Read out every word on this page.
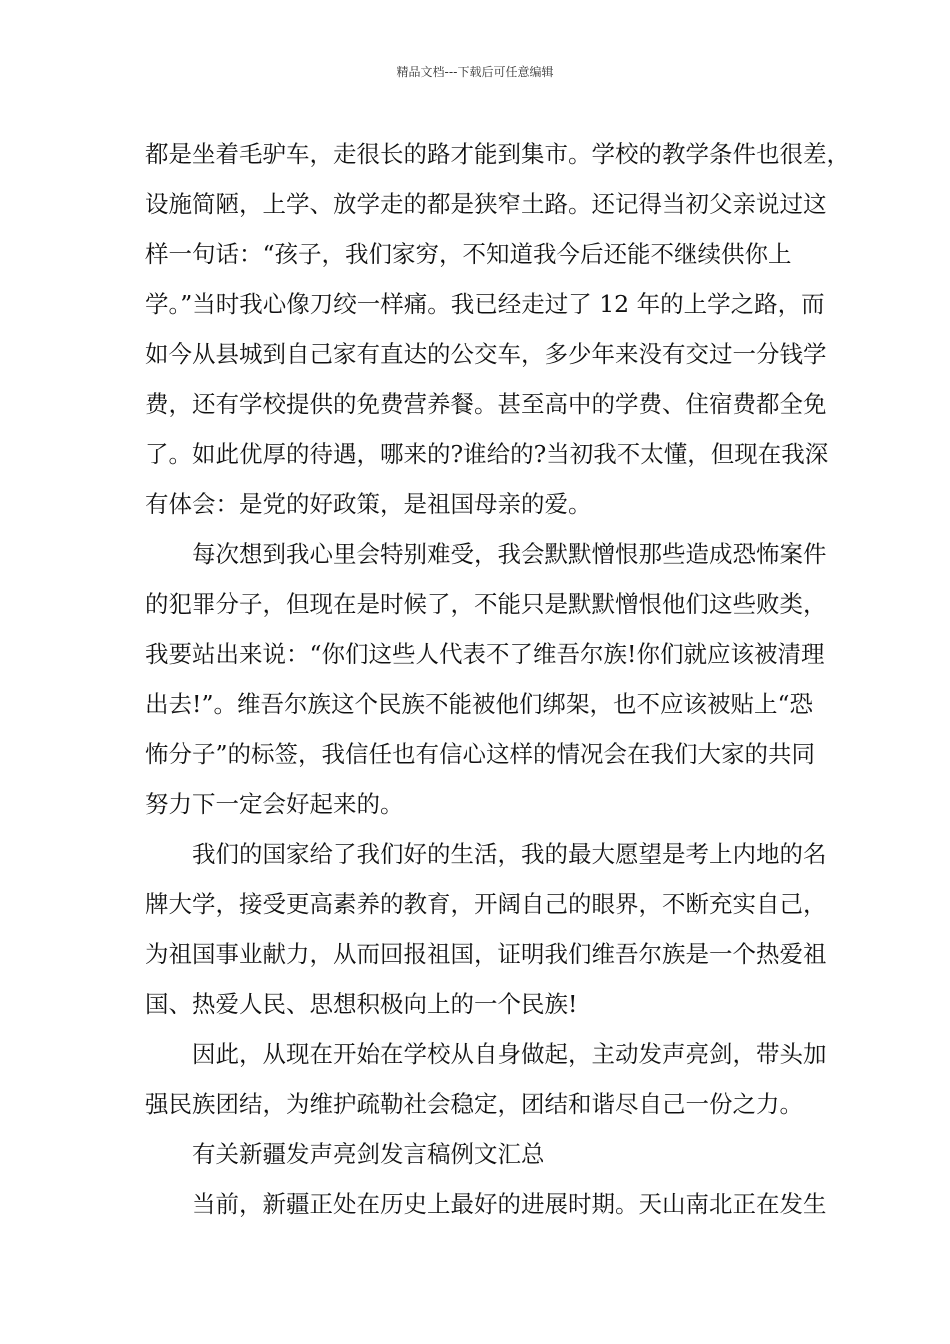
精品文档---下载后可任意编辑
都是坐着毛驴车，走很长的路才能到集市。学校的教学条件也很差，
设施简陋，上学、放学走的都是狭窄土路。还记得当初父亲说过这
样一句话：“孩子，我们家穷，不知道我今后还能不继续供你上
学。”当时我心像刀绞一样痛。我已经走过了 12 年的上学之路，而
如今从县城到自己家有直达的公交车，多少年来没有交过一分钱学
费，还有学校提供的免费营养餐。甚至高中的学费、住宿费都全免
了。如此优厚的待遇，哪来的?谁给的?当初我不太懂，但现在我深
有体会：是党的好政策，是祖国母亲的爱。
每次想到我心里会特别难受，我会默默憎恨那些造成恐怖案件
的犯罪分子，但现在是时候了，不能只是默默憎恨他们这些败类，
我要站出来说：“你们这些人代表不了维吾尔族!你们就应该被清理
出去!”。维吾尔族这个民族不能被他们绑架，也不应该被贴上“恐
怖分子”的标签，我信任也有信心这样的情况会在我们大家的共同
努力下一定会好起来的。
我们的国家给了我们好的生活，我的最大愿望是考上内地的名
牌大学，接受更高素养的教育，开阔自己的眼界，不断充实自己，
为祖国事业献力，从而回报祖国，证明我们维吾尔族是一个热爱祖
国、热爱人民、思想积极向上的一个民族!
因此，从现在开始在学校从自身做起，主动发声亮剑，带头加
强民族团结，为维护疏勒社会稳定，团结和谐尽自己一份之力。
有关新疆发声亮剑发言稿例文汇总
当前，新疆正处在历史上最好的进展时期。天山南北正在发生
